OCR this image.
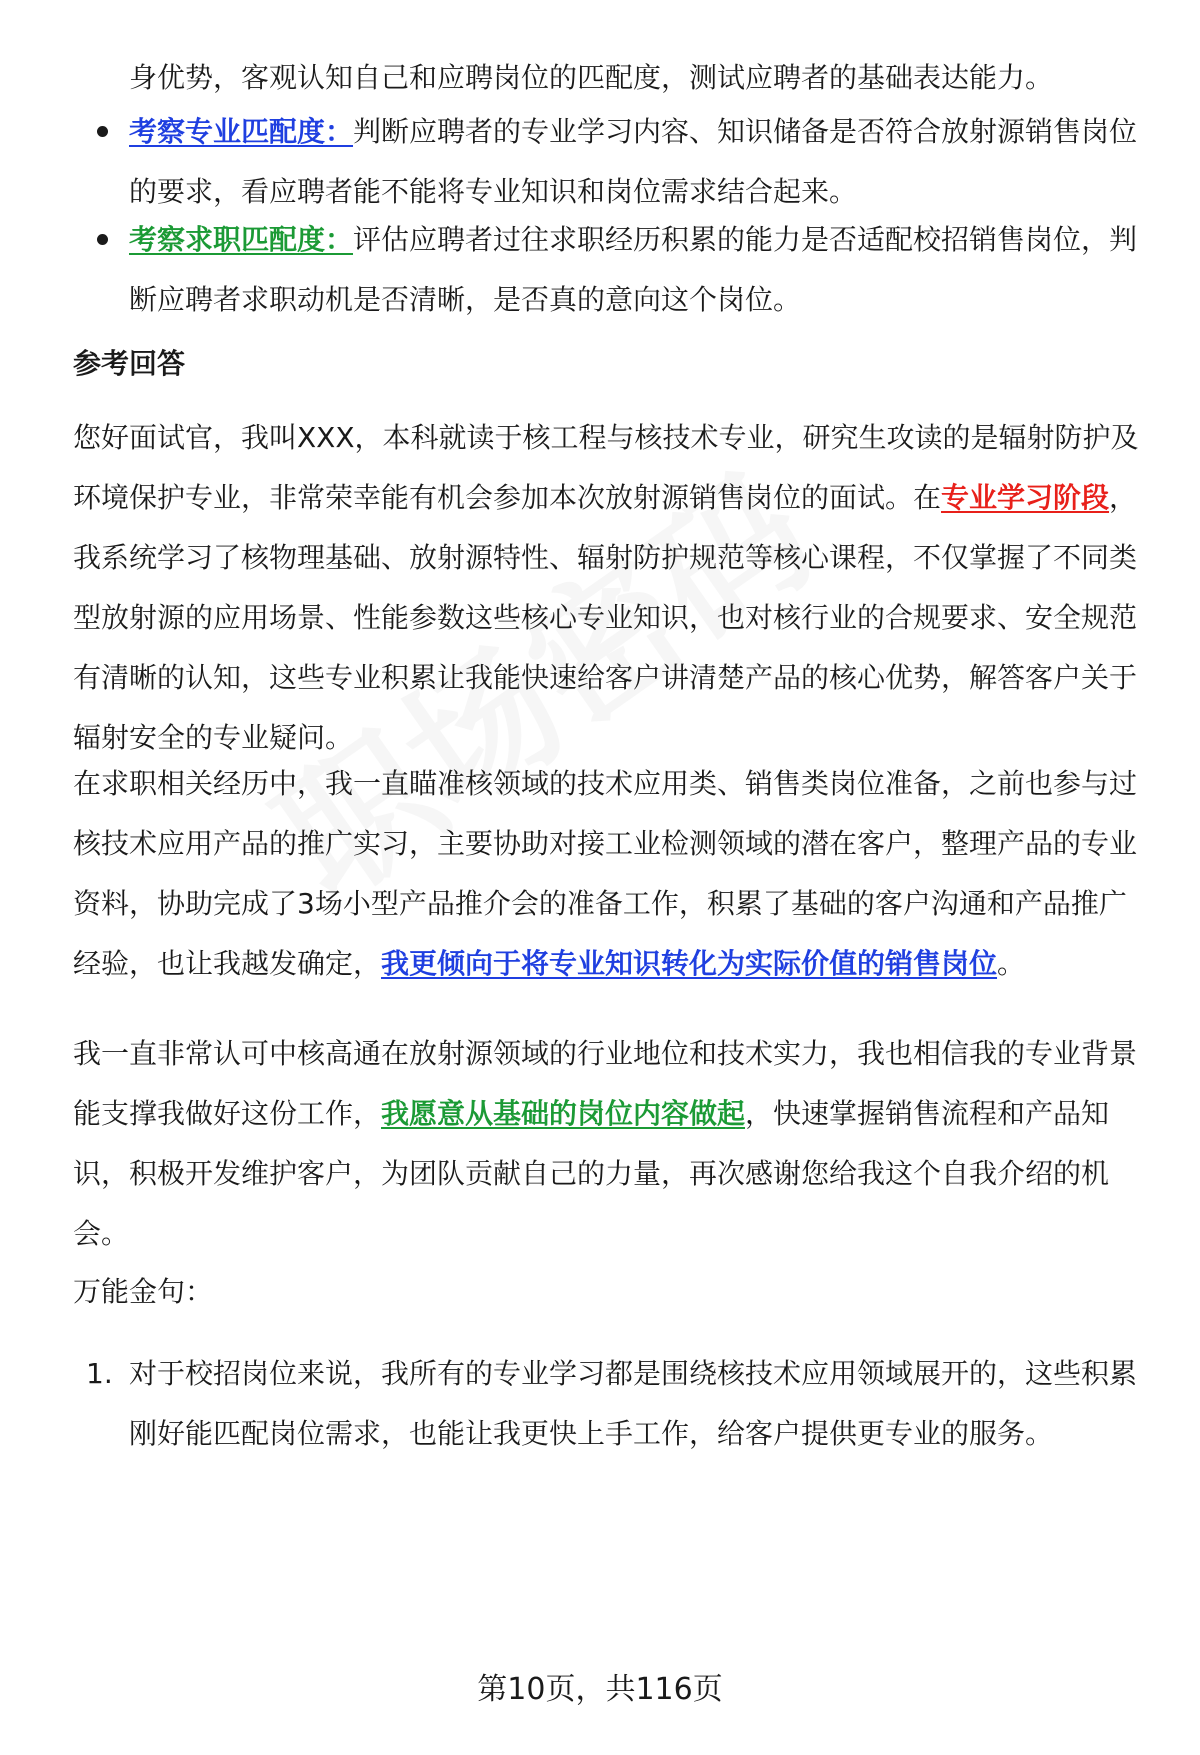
身优势，客观认知自己和应聘岗位的匹配度，测试应聘者的基础表达能力。

考察专业匹配度：判断应聘者的专业学习内容、知识储备是否符合放射源销售岗位的要求，看应聘者能不能将专业知识和岗位需求结合起来。

考察求职匹配度：评估应聘者过往求职经历积累的能力是否适配校招销售岗位，判断应聘者求职动机是否清晰，是否真的意向这个岗位。

参考回答

您好面试官，我叫XXX，本科就读于核工程与核技术专业，研究生攻读的是辐射防护及环境保护专业，非常荣幸能有机会参加本次放射源销售岗位的面试。在专业学习阶段，我系统学习了核物理基础、放射源特性、辐射防护规范等核心课程，不仅掌握了不同类型放射源的应用场景、性能参数这些核心专业知识，也对核行业的合规要求、安全规范有清晰的认知，这些专业积累让我能快速给客户讲清楚产品的核心优势，解答客户关于辐射安全的专业疑问。

在求职相关经历中，我一直瞄准核领域的技术应用类、销售类岗位准备，之前也参与过核技术应用产品的推广实习，主要协助对接工业检测领域的潜在客户，整理产品的专业资料，协助完成了3场小型产品推介会的准备工作，积累了基础的客户沟通和产品推广经验，也让我越发确定，我更倾向于将专业知识转化为实际价值的销售岗位。

我一直非常认可中核高通在放射源领域的行业地位和技术实力，我也相信我的专业背景能支撑我做好这份工作，我愿意从基础的岗位内容做起，快速掌握销售流程和产品知识，积极开发维护客户，为团队贡献自己的力量，再次感谢您给我这个自我介绍的机会。

万能金句：

1. 对于校招岗位来说，我所有的专业学习都是围绕核技术应用领域展开的，这些积累刚好能匹配岗位需求，也能让我更快上手工作，给客户提供更专业的服务。

第10页，共116页
